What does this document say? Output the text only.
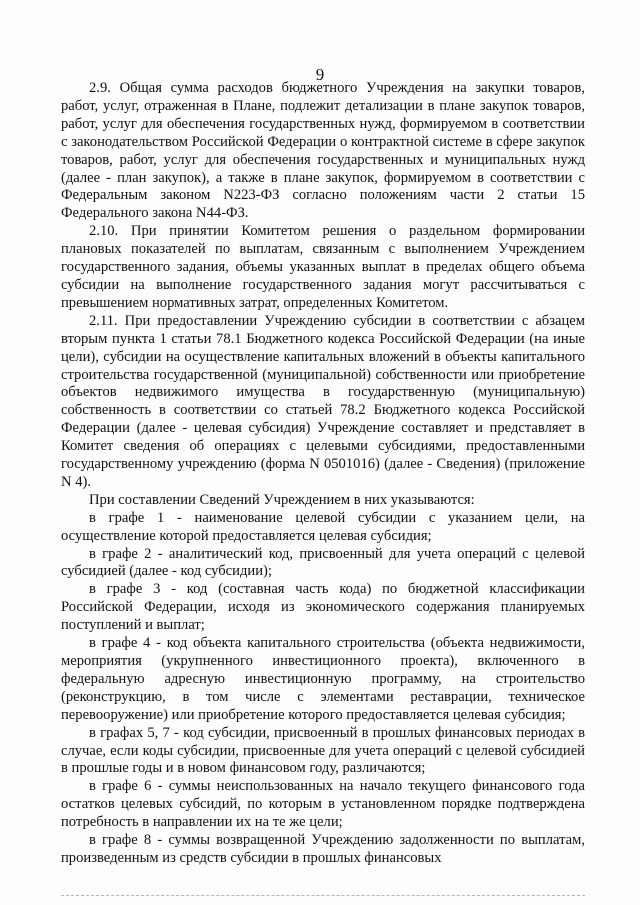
9

2.9. Общая сумма расходов бюджетного Учреждения на закупки товаров, работ, услуг, отраженная в Плане, подлежит детализации в плане закупок товаров, работ, услуг для обеспечения государственных нужд, формируемом в соответствии с законодательством Российской Федерации о контрактной системе в сфере закупок товаров, работ, услуг для обеспечения государственных и муниципальных нужд (далее - план закупок), а также в плане закупок, формируемом в соответствии с Федеральным законом N223-ФЗ согласно положениям части 2 статьи 15 Федерального закона N44-ФЗ.

2.10. При принятии Комитетом решения о раздельном формировании плановых показателей по выплатам, связанным с выполнением Учреждением государственного задания, объемы указанных выплат в пределах общего объема субсидии на выполнение государственного задания могут рассчитываться с превышением нормативных затрат, определенных Комитетом.

2.11. При предоставлении Учреждению субсидии в соответствии с абзацем вторым пункта 1 статьи 78.1 Бюджетного кодекса Российской Федерации (на иные цели), субсидии на осуществление капитальных вложений в объекты капитального строительства государственной (муниципальной) собственности или приобретение объектов недвижимого имущества в государственную (муниципальную) собственность в соответствии со статьей 78.2 Бюджетного кодекса Российской Федерации (далее - целевая субсидия) Учреждение составляет и представляет в Комитет сведения об операциях с целевыми субсидиями, предоставленными государственному учреждению (форма N 0501016) (далее - Сведения) (приложение N 4).

При составлении Сведений Учреждением в них указываются:

в графе 1 - наименование целевой субсидии с указанием цели, на осуществление которой предоставляется целевая субсидия;

в графе 2 - аналитический код, присвоенный для учета операций с целевой субсидией (далее - код субсидии);

в графе 3 - код (составная часть кода) по бюджетной классификации Российской Федерации, исходя из экономического содержания планируемых поступлений и выплат;

в графе 4 - код объекта капитального строительства (объекта недвижимости, мероприятия (укрупненного инвестиционного проекта), включенного в федеральную адресную инвестиционную программу, на строительство (реконструкцию, в том числе с элементами реставрации, техническое перевооружение) или приобретение которого предоставляется целевая субсидия;

в графах 5, 7 - код субсидии, присвоенный в прошлых финансовых периодах в случае, если коды субсидии, присвоенные для учета операций с целевой субсидией в прошлые годы и в новом финансовом году, различаются;

в графе 6 - суммы неиспользованных на начало текущего финансового года остатков целевых субсидий, по которым в установленном порядке подтверждена потребность в направлении их на те же цели;

в графе 8 - суммы возвращенной Учреждению задолженности по выплатам, произведенным из средств субсидии в прошлых финансовых
